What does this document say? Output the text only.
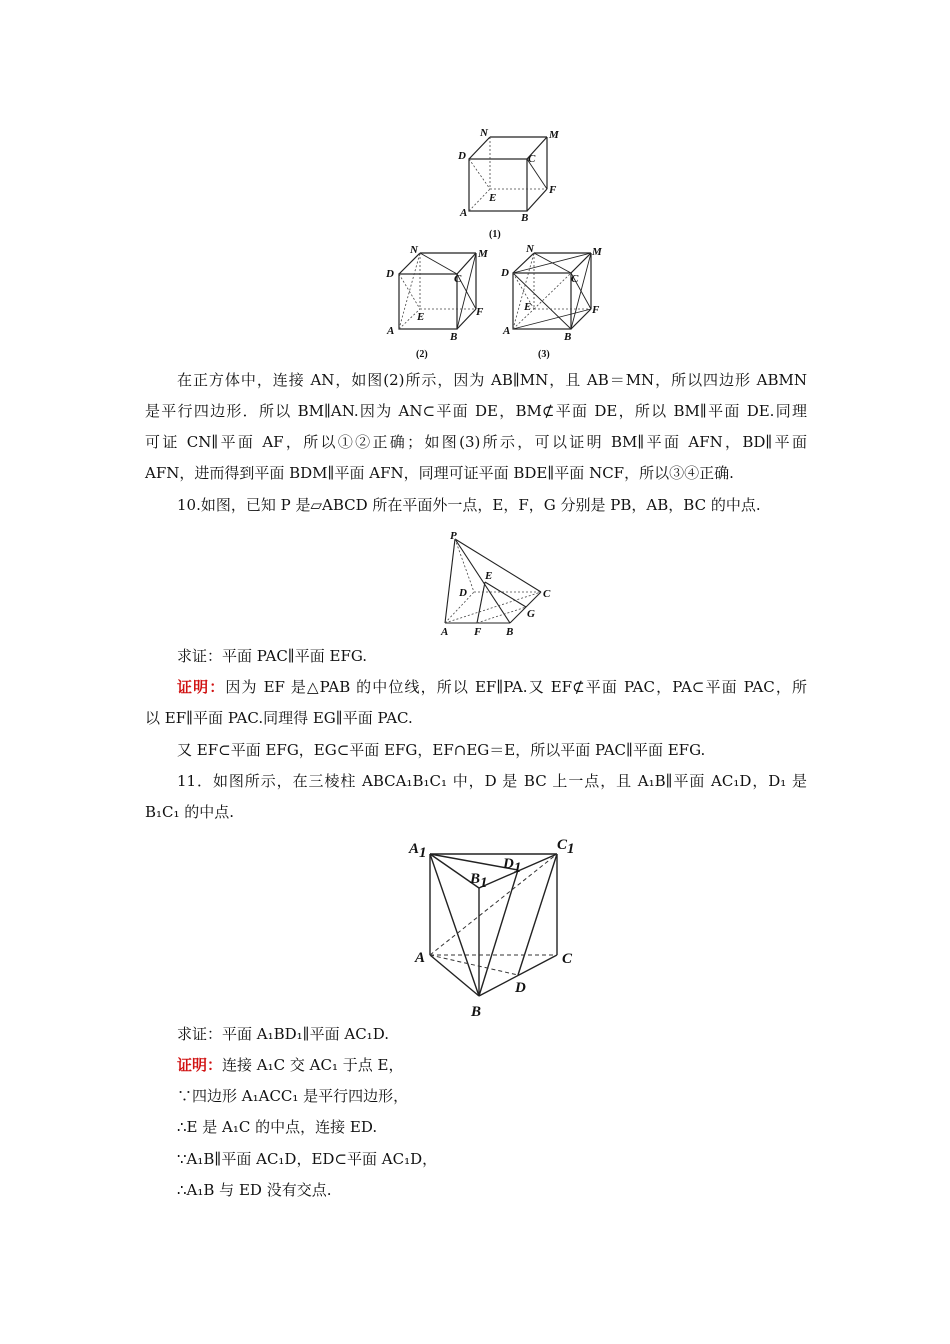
N	M
D	C
F
E
A	B
(1)
N	M
D	C
F
E
A	B
(2)
N	M
D	C
F
E
A	B
(3)
在正方体中，连接 AN，如图(2)所示，因为 AB∥MN，且 AB＝MN，所以四边形 ABMN
是平行四边形．所以 BM∥AN.因为 AN⊂平面 DE，BM⊄平面 DE，所以 BM∥平面 DE.同理
可证 CN∥平面 AF，所以①②正确；如图(3)所示，可以证明 BM∥平面 AFN，BD∥平面
AFN，进而得到平面 BDM∥平面 AFN，同理可证平面 BDE∥平面 NCF，所以③④正确.
10.如图，已知 P 是▱ABCD 所在平面外一点，E，F，G 分别是 PB，AB，BC 的中点.
P
E
D	C
G
A F B
求证：平面 PAC∥平面 EFG.
证明：因为 EF 是△PAB 的中位线，所以 EF∥PA.又 EF⊄平面 PAC，PA⊂平面 PAC，所
以 EF∥平面 PAC.同理得 EG∥平面 PAC.
又 EF⊂平面 EFG，EG⊂平面 EFG，EF∩EG＝E，所以平面 PAC∥平面 EFG.
11．如图所示，在三棱柱 ABCA₁B₁C₁ 中，D 是 BC 上一点，且 A₁B∥平面 AC₁D，D₁ 是
B₁C₁ 的中点.
A1	C1
D1
B1
A	C
D
B
求证：平面 A₁BD₁∥平面 AC₁D.
证明：连接 A₁C 交 AC₁ 于点 E，
∵四边形 A₁ACC₁ 是平行四边形，
∴E 是 A₁C 的中点，连接 ED.
∵A₁B∥平面 AC₁D，ED⊂平面 AC₁D，
∴A₁B 与 ED 没有交点.
